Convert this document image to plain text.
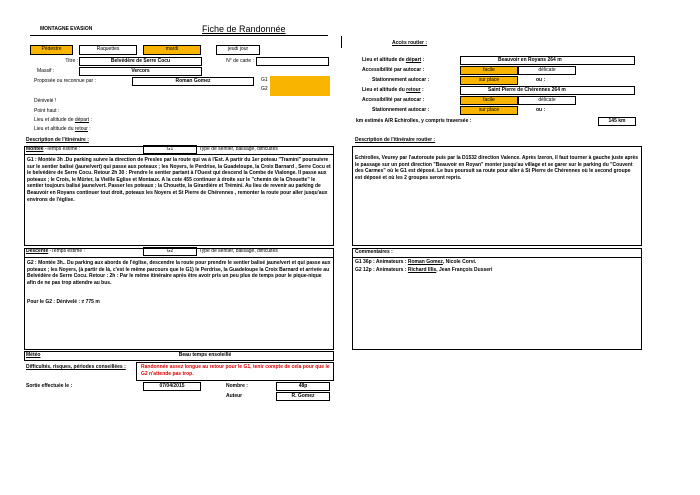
MONTAGNE EVASION	Fiche de Randonnée
Pédestre	Raquettes	mardi	jeudi jour
Titre :	Belvédère de Serre Cocu	N° de carte :
Massif :	Vercors
Proposée ou reconnue par :	Roman Gomez	G1
G2
Dénivelé !
Point haut :
Lieu et altitude de départ :
Lieu et altitude du retour :
Description de l'itinéraire :
Accès routier :
Lieu et altitude de départ :	Beauvoir en Royans 264 m
Accessibilité par autocar :	facile	délicate
Stationnement autocar :	sur place	ou :
Lieu et altitude du retour :	Saint Pierre de Chérennes 264 m
Accessibilité par autocar :	facile	délicate
Stationnement autocar :	sur place	ou :
km estimés A/R Echirolles, y compris traversée :	145 km
Description de l'itinéraire routier :
Montée -Temps estimé :	G1	Type de sentier, balisage, difficultés
G1 : Montée 3h .Du parking suivre la direction de Presles par la route qui va à l'Est. A partir du 1er poteau "Tramini" poursuivre sur le sentier balisé (jaune/vert) qui passe aux poteaux ; les Noyers, le Perdrise, la Guadeloupe, la Croix Barnard , Serre Cocu et le belvédère de Serre Cocu. Retour 2h 30 : Prendre le sentier partant à l'Ouest qui descend la Combe de Vialonge. Il passe aux poteaux ; le Crois, le Mûrier, la Vieille Eglise et Montaux. A la cote 455 continuer à droite sur le "chemin de la Chouette" le sentier toujours balisé jaune/vert. Passer les poteaux ; la Chouette, la Girardière et Trémini. Au lieu de revenir au parking de Beauvoir en Royans continuer tout droit, poteaux les Noyers et St Pierre de Chérennes , remonter la route pour aller jusqu'aux environs de l'église.
Descente -Temps estimé :	G2	Type de sentier, balisage, difficultés
G2 : Montée 3h.. Du parking aux abords de l'église, descendre la route pour prendre le sentier balisé jaune/vert et qui passe aux poteaux ; les Noyers, (à partir de là, c'est le même parcours que le G1) le Perdrise, la Guadeloupe la Croix Barnard et arrivée au Belvédère de Serre Cocu. Retour : 2h : Par le même itinéraire après être avoir pris un peu plus de temps pour le pique-nique afin de ne pas trop attendre au bus.
Pour le G2 : Dénivelé : ≠ 775 m
Echirolles, Veurey par l'autoroute puis par la D1532 direction Valence. Après Izeron, il faut tourner à gauche juste après le passage sur un pont direction "Beauvoir en Royan" monter jusqu'au village et se garer sur le parking du "Couvent des Carmes" où le G1 est déposé. Le bus poursuit sa route pour aller à St Pierre de Chérennes où le second groupe est déposé et où les 2 groupes seront repris.
Commentaires :
G1 36p : Animateurs : Roman Gomez, Nicole Corvi.
G2 12p : Animateurs : Richard Illis, Jean François Dusseri
Météo	Beau temps ensoleillé
Difficultés, risques, périodes conseillées :	Randonnée assez longue au retour pour le G1, tenir compte de cela pour que le G2 n'attende pas trop.
Sortie effectuée le :	07/04/2015	Nombre :	48p
Auteur	R. Gomez
